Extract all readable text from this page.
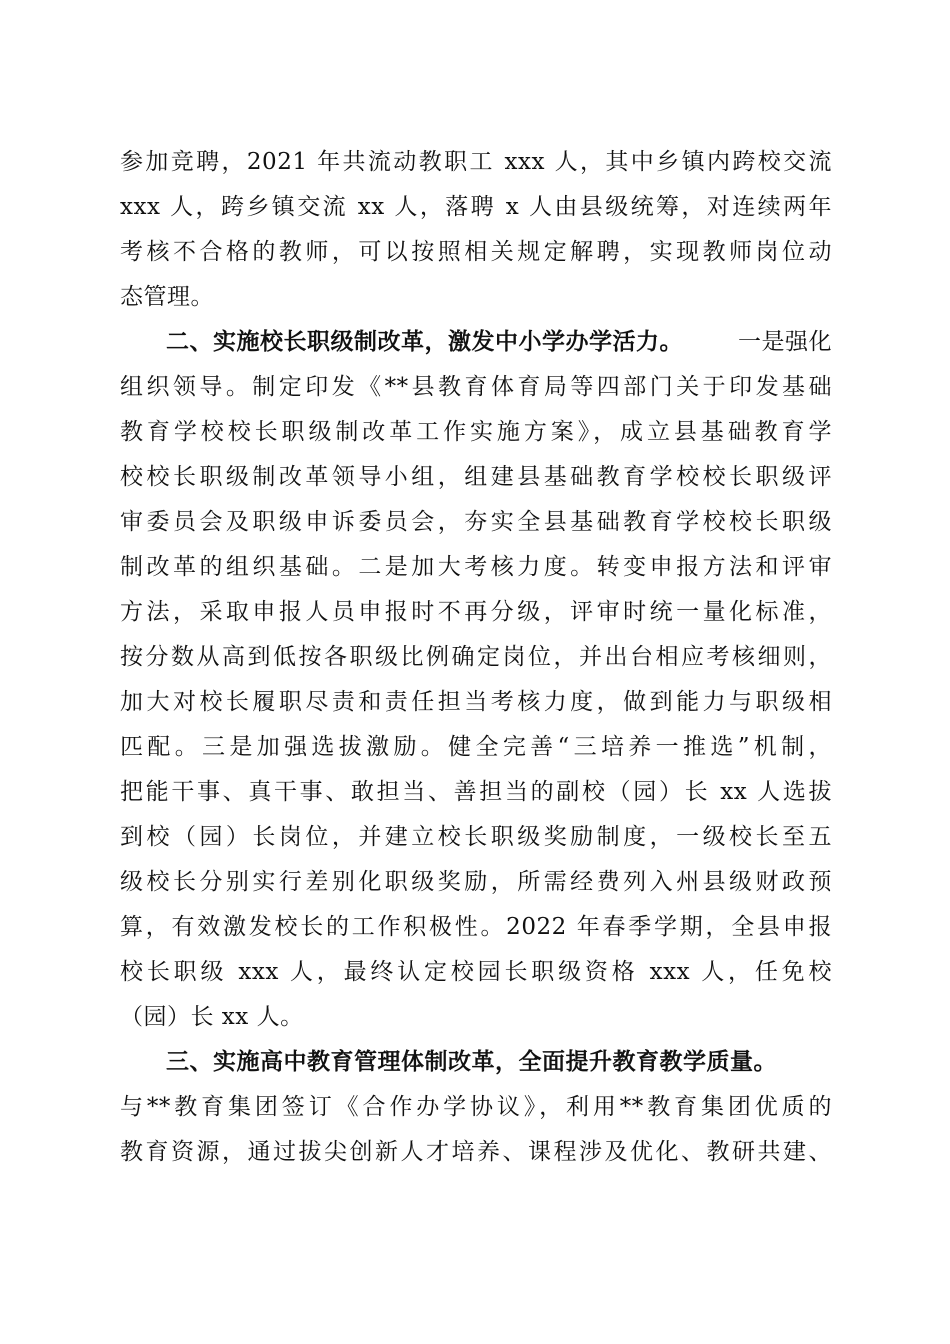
参加竞聘，2021 年共流动教职工 xxx 人，其中乡镇内跨校交流
xxx 人，跨乡镇交流 xx 人，落聘 x 人由县级统筹，对连续两年
考核不合格的教师，可以按照相关规定解聘，实现教师岗位动
态管理。
二、实施校长职级制改革，激发中小学办学活力。	一是强化
组织领导。制定印发《**县教育体育局等四部门关于印发基础
教育学校校长职级制改革工作实施方案》，成立县基础教育学
校校长职级制改革领导小组，组建县基础教育学校校长职级评
审委员会及职级申诉委员会，夯实全县基础教育学校校长职级
制改革的组织基础。二是加大考核力度。转变申报方法和评审
方法，采取申报人员申报时不再分级，评审时统一量化标准，
按分数从高到低按各职级比例确定岗位，并出台相应考核细则，
加大对校长履职尽责和责任担当考核力度，做到能力与职级相
匹配。三是加强选拔激励。健全完善“三培养一推选”机制，
把能干事、真干事、敢担当、善担当的副校（园）长 xx 人选拔
到校（园）长岗位，并建立校长职级奖励制度，一级校长至五
级校长分别实行差别化职级奖励，所需经费列入州县级财政预
算，有效激发校长的工作积极性。2022 年春季学期，全县申报
校长职级 xxx 人，最终认定校园长职级资格 xxx 人，任免校
（园）长 xx 人。
三、实施高中教育管理体制改革，全面提升教育教学质量。
与**教育集团签订《合作办学协议》，利用**教育集团优质的
教育资源，通过拔尖创新人才培养、课程涉及优化、教研共建、
